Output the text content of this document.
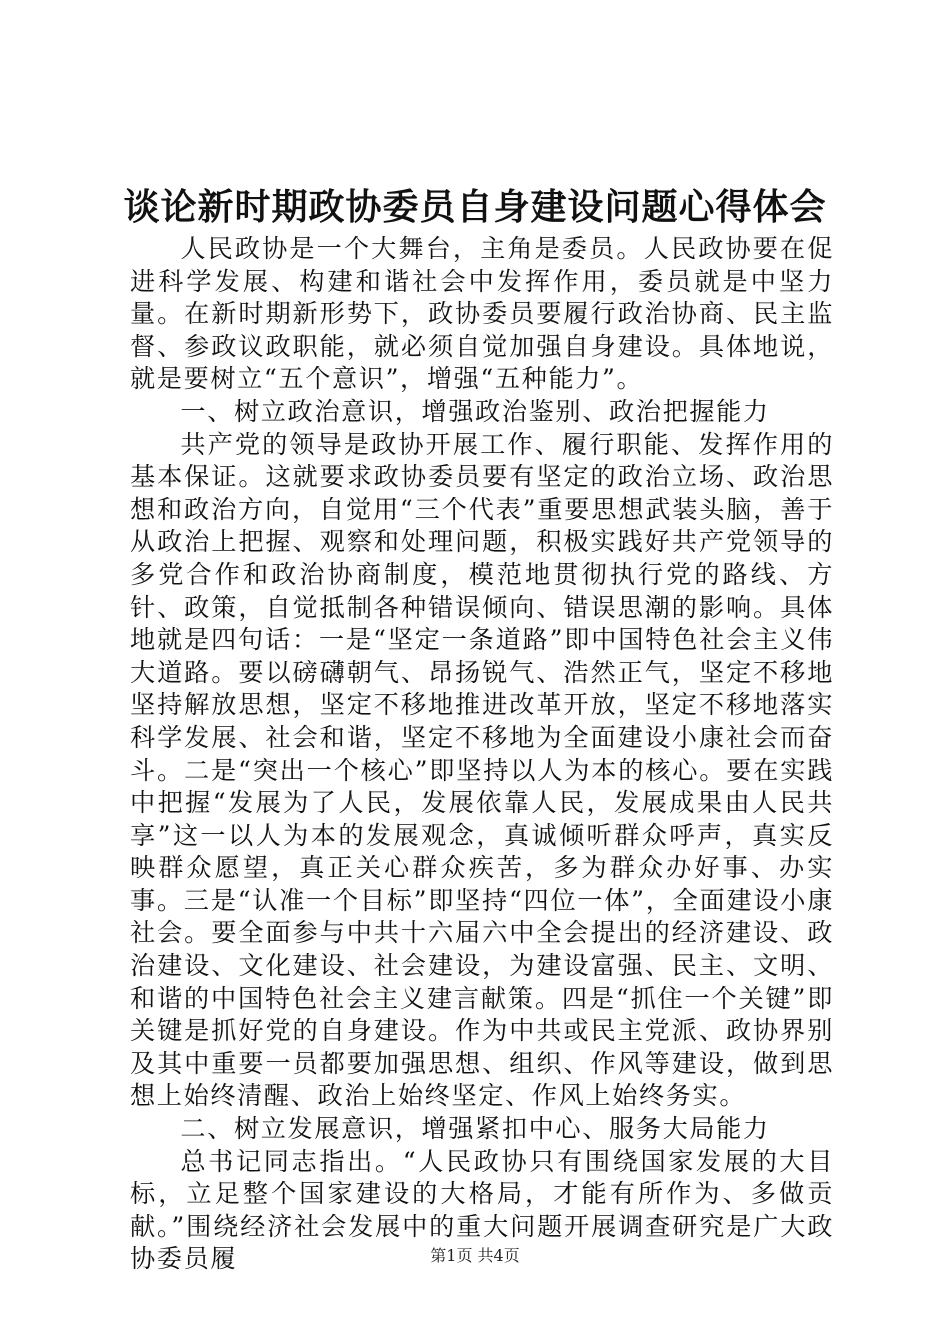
谈论新时期政协委员自身建设问题心得体会

人民政协是一个大舞台，主角是委员。人民政协要在促进科学发展、构建和谐社会中发挥作用，委员就是中坚力量。在新时期新形势下，政协委员要履行政治协商、民主监督、参政议政职能，就必须自觉加强自身建设。具体地说，就是要树立“五个意识”，增强“五种能力”。

一、树立政治意识，增强政治鉴别、政治把握能力

共产党的领导是政协开展工作、履行职能、发挥作用的基本保证。这就要求政协委员要有坚定的政治立场、政治思想和政治方向，自觉用“三个代表”重要思想武装头脑，善于从政治上把握、观察和处理问题，积极实践好共产党领导的多党合作和政治协商制度，模范地贯彻执行党的路线、方针、政策，自觉抵制各种错误倾向、错误思潮的影响。具体地就是四句话：一是“坚定一条道路”即中国特色社会主义伟大道路。要以磅礴朝气、昂扬锐气、浩然正气，坚定不移地坚持解放思想，坚定不移地推进改革开放，坚定不移地落实科学发展、社会和谐，坚定不移地为全面建设小康社会而奋斗。二是“突出一个核心”即坚持以人为本的核心。要在实践中把握“发展为了人民，发展依靠人民，发展成果由人民共享”这一以人为本的发展观念，真诚倾听群众呼声，真实反映群众愿望，真正关心群众疾苦，多为群众办好事、办实事。三是“认准一个目标”即坚持“四位一体”，全面建设小康社会。要全面参与中共十六届六中全会提出的经济建设、政治建设、文化建设、社会建设，为建设富强、民主、文明、和谐的中国特色社会主义建言献策。四是“抓住一个关键”即关键是抓好党的自身建设。作为中共或民主党派、政协界别及其中重要一员都要加强思想、组织、作风等建设，做到思想上始终清醒、政治上始终坚定、作风上始终务实。

二、树立发展意识，增强紧扣中心、服务大局能力

总书记同志指出。“人民政协只有围绕国家发展的大目标，立足整个国家建设的大格局，才能有所作为、多做贡献。”围绕经济社会发展中的重大问题开展调查研究是广大政协委员履	第1页 共4页
